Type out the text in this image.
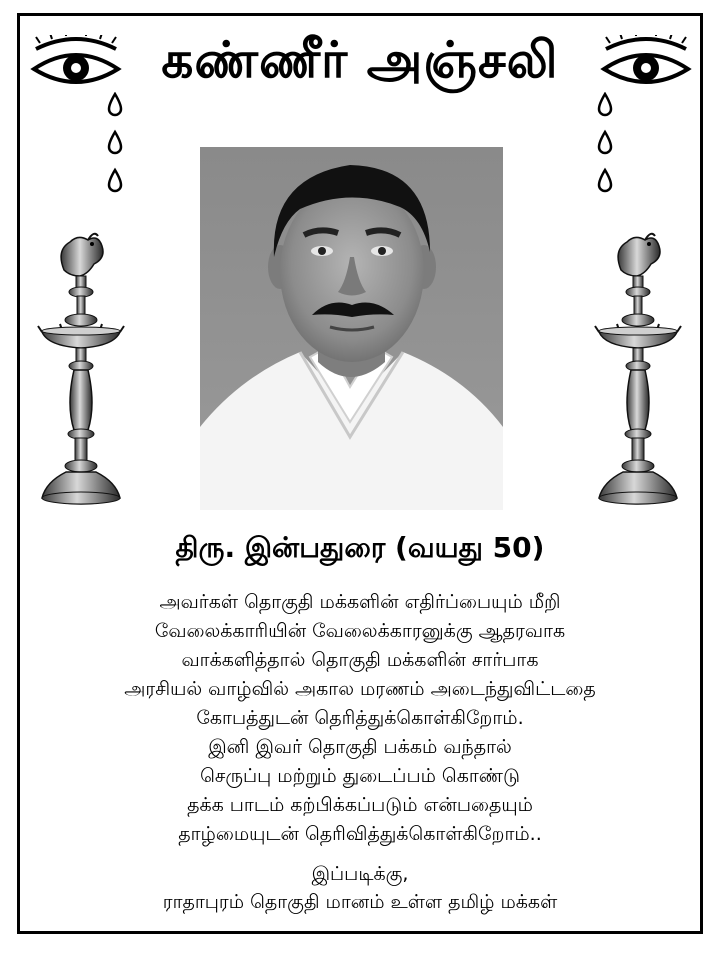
கண்ணீர் அஞ்சலி
திரு. இன்பதுரை (வயது 50)
அவர்கள் தொகுதி மக்களின் எதிர்ப்பையும் மீறி
வேலைக்காரியின் வேலைக்காரனுக்கு ஆதரவாக
வாக்களித்தால் தொகுதி மக்களின் சார்பாக
அரசியல் வாழ்வில் அகால மரணம் அடைந்துவிட்டதை
கோபத்துடன் தெரித்துக்கொள்கிறோம்.
இனி இவர் தொகுதி பக்கம் வந்தால்
செருப்பு மற்றும் துடைப்பம் கொண்டு
தக்க பாடம் கற்பிக்கப்படும் என்பதையும்
தாழ்மையுடன் தெரிவித்துக்கொள்கிறோம்..
இப்படிக்கு,
ராதாபுரம் தொகுதி மானம் உள்ள தமிழ் மக்கள்
